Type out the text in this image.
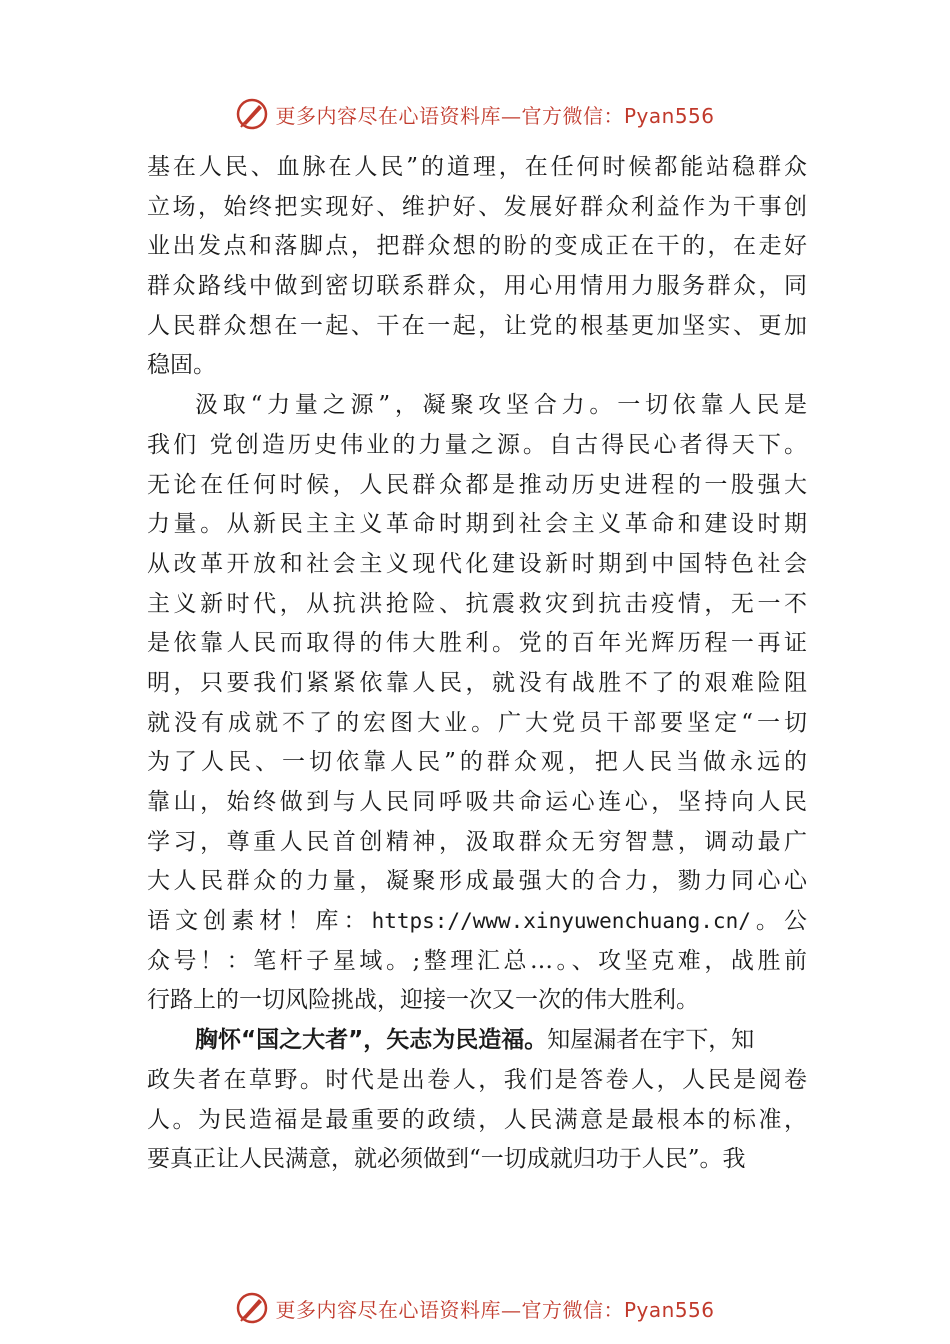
更多内容尽在心语资料库—官方微信：Pyan556
基在人民、血脉在人民”的道理，在任何时候都能站稳群众
立场，始终把实现好、维护好、发展好群众利益作为干事创
业出发点和落脚点，把群众想的盼的变成正在干的，在走好
群众路线中做到密切联系群众，用心用情用力服务群众，同
人民群众想在一起、干在一起，让党的根基更加坚实、更加
稳固。
汲取“力量之源”，凝聚攻坚合力。一切依靠人民是
我们 党创造历史伟业的力量之源。自古得民心者得天下。
无论在任何时候，人民群众都是推动历史进程的一股强大
力量。从新民主主义革命时期到社会主义革命和建设时期
从改革开放和社会主义现代化建设新时期到中国特色社会
主义新时代，从抗洪抢险、抗震救灾到抗击疫情，无一不
是依靠人民而取得的伟大胜利。党的百年光辉历程一再证
明，只要我们紧紧依靠人民，就没有战胜不了的艰难险阻
就没有成就不了的宏图大业。广大党员干部要坚定“一切
为了人民、一切依靠人民”的群众观，把人民当做永远的
靠山，始终做到与人民同呼吸共命运心连心，坚持向人民
学习，尊重人民首创精神，汲取群众无穷智慧，调动最广
大人民群众的力量，凝聚形成最强大的合力，勠力同心心
语文创素材！库：https://www.xinyuwenchuang.cn/。公
众号！：笔杆子星域。;整理汇总…。、攻坚克难，战胜前
行路上的一切风险挑战，迎接一次又一次的伟大胜利。
胸怀“国之大者”，矢志为民造福。知屋漏者在宇下，知
政失者在草野。时代是出卷人，我们是答卷人，人民是阅卷
人。为民造福是最重要的政绩，人民满意是最根本的标准，
要真正让人民满意，就必须做到“一切成就归功于人民”。我
更多内容尽在心语资料库—官方微信：Pyan556
